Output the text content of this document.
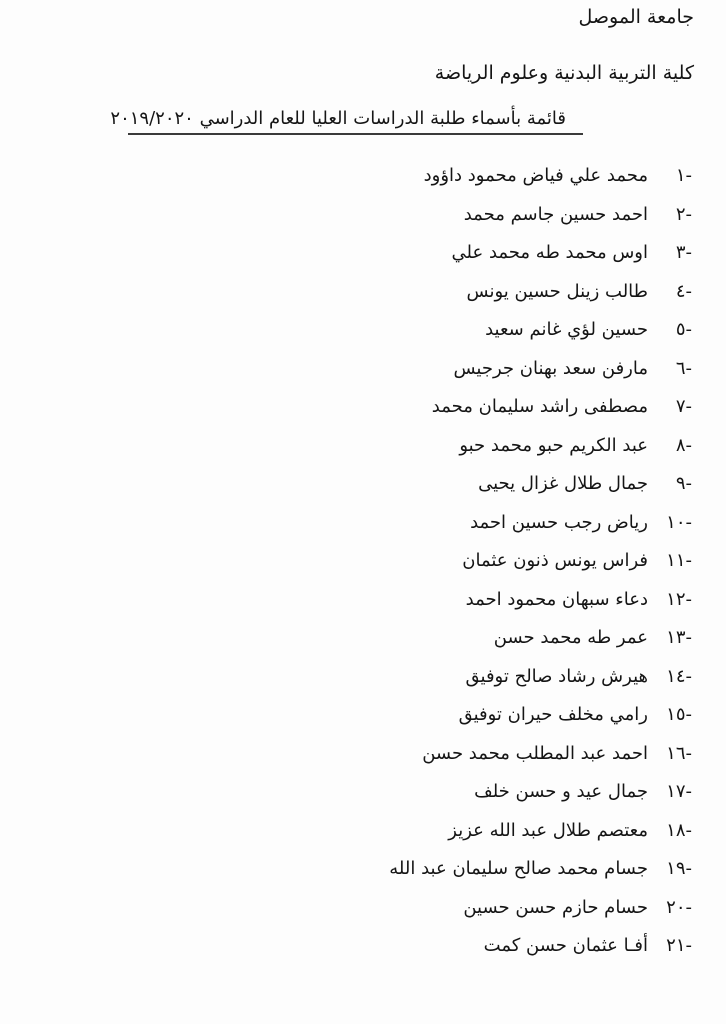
جامعة الموصل
كلية التربية البدنية وعلوم الرياضة
قائمة بأسماء طلبة الدراسات العليا للعام الدراسي ٢٠١٩/٢٠٢٠
١-
محمد علي فياض محمود داؤود
٢-
احمد حسين جاسم محمد
٣-
اوس محمد طه محمد علي
٤-
طالب زينل حسين يونس
٥-
حسين لؤي غانم سعيد
٦-
مارفن سعد بهنان جرجيس
٧-
مصطفى راشد سليمان محمد
٨-
عبد الكريم حبو محمد حبو
٩-
جمال طلال غزال يحيى
١٠-
رياض رجب حسين احمد
١١-
فراس يونس ذنون عثمان
١٢-
دعاء سبهان محمود احمد
١٣-
عمر طه محمد حسن
١٤-
هيرش رشاد صالح توفيق
١٥-
رامي مخلف حيران توفيق
١٦-
احمد عبد المطلب محمد حسن
١٧-
جمال عيد و حسن خلف
١٨-
معتصم طلال عبد الله عزيز
١٩-
جسام محمد صالح سليمان عبد الله
٢٠-
حسام حازم حسن حسين
٢١-
أفـا عثمان حسن كمت
